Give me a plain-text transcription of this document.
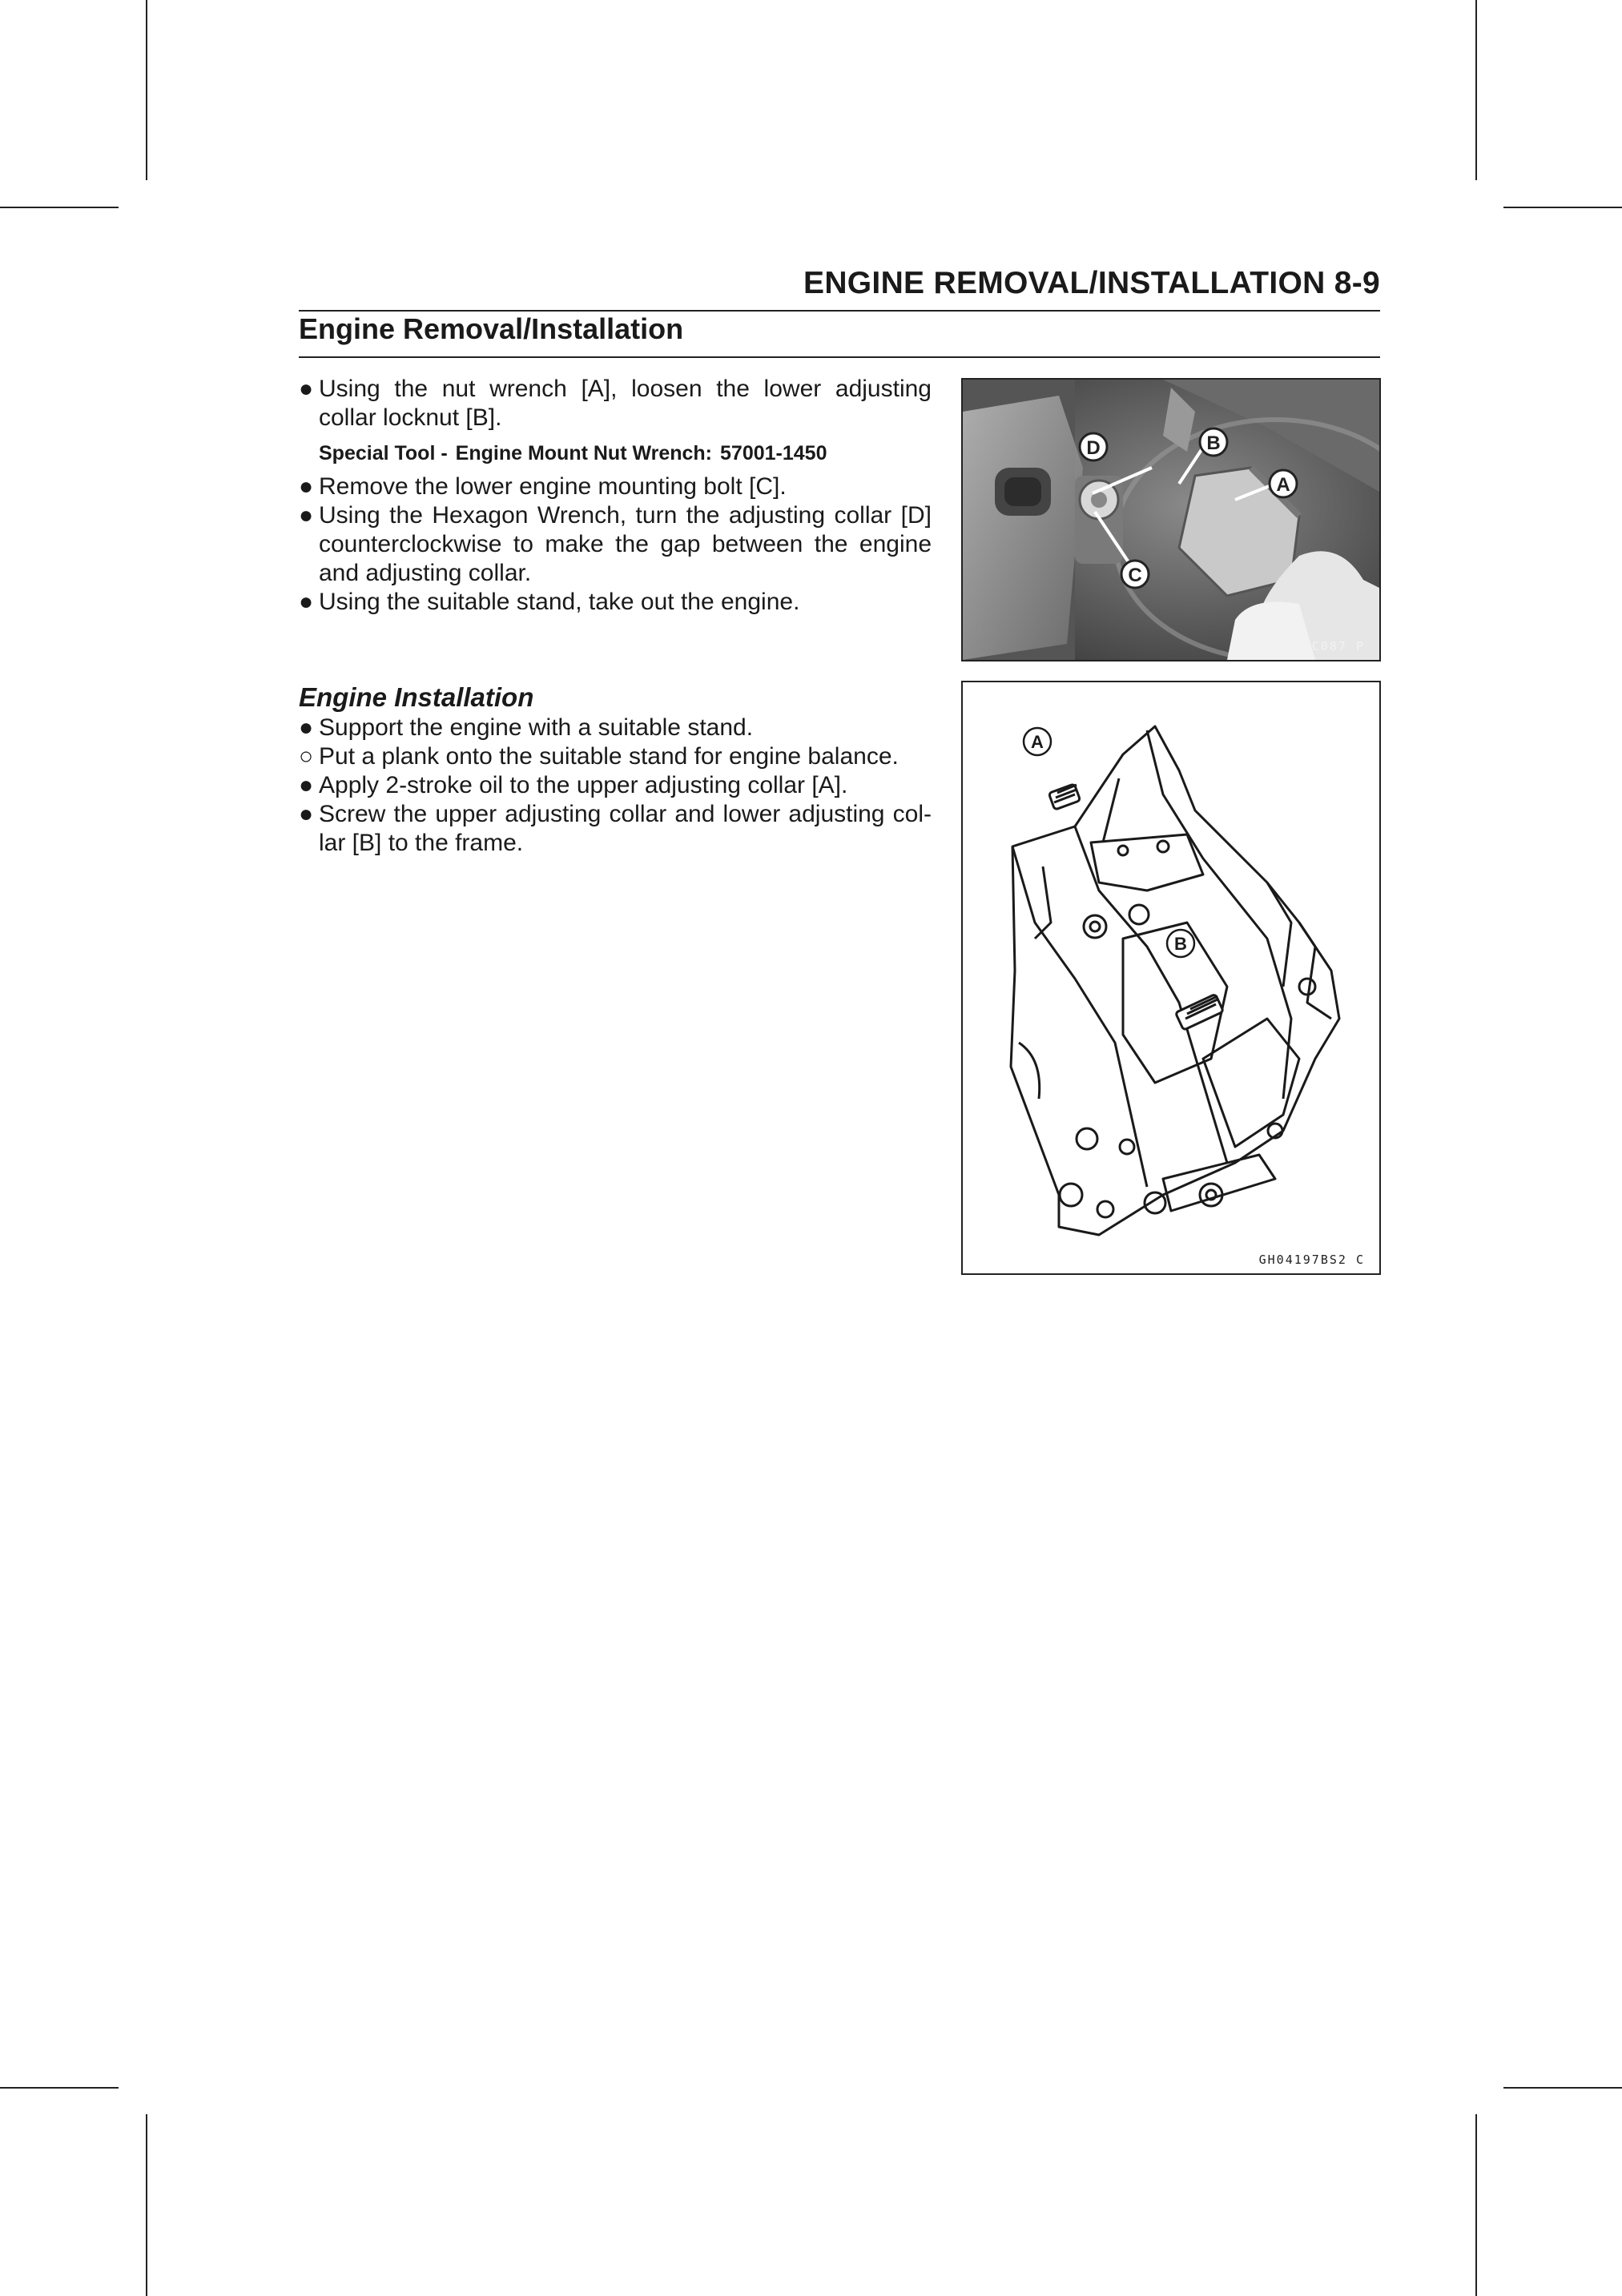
ENGINE REMOVAL/INSTALLATION 8-9
Engine Removal/Installation
● Using the nut wrench [A], loosen the lower adjusting collar locknut [B].
Special Tool - Engine Mount Nut Wrench: 57001-1450
● Remove the lower engine mounting bolt [C].
● Using the Hexagon Wrench, turn the adjusting collar [D] counterclockwise to make the gap between the engine and adjusting collar.
● Using the suitable stand, take out the engine.
Engine Installation
● Support the engine with a suitable stand.
○ Put a plank onto the suitable stand for engine balance.
● Apply 2-stroke oil to the upper adjusting collar [A].
● Screw the upper adjusting collar and lower adjusting col-lar [B] to the frame.
D	B
A
C
GH04C087 P
A
B
GH04197BS2 C
